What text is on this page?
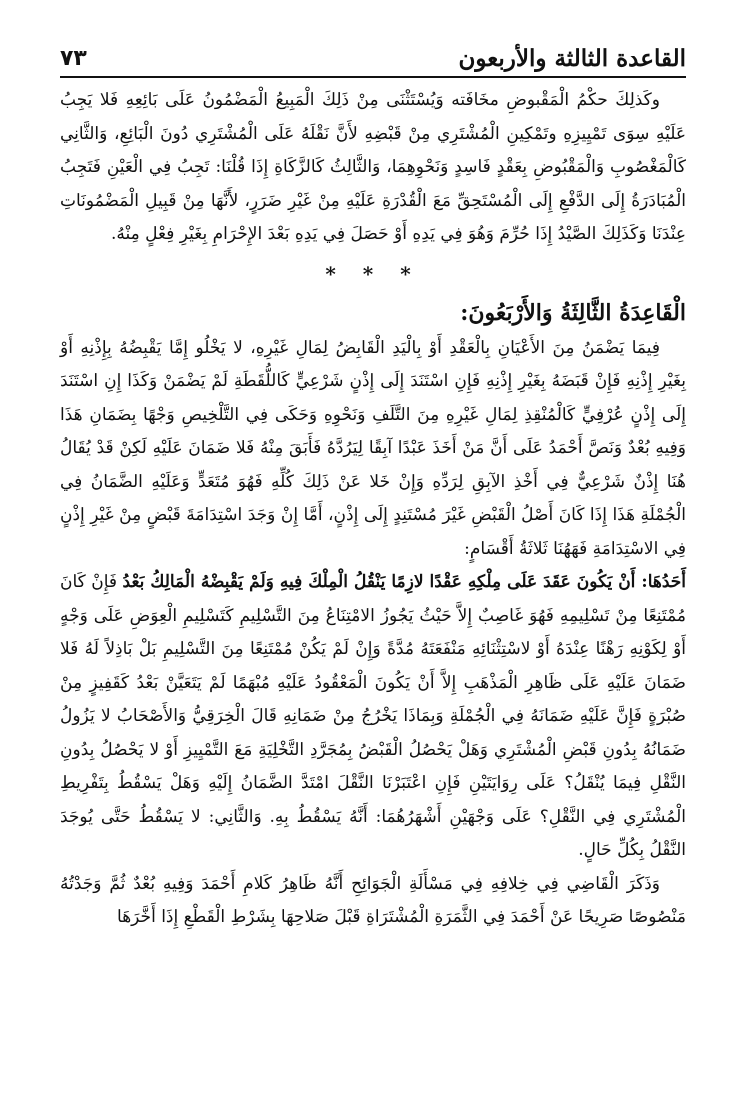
القاعدة الثالثة والأربعون
٧٣

وكَذلِكَ حكْمُ الْمَقْبوضِ مخَافَته وَيُسْتَثْنَى مِنْ ذَلِكَ الْمَبِيعُ الْمَضْمُونُ عَلَى بَائِعِهِ فَلا يَجِبُ عَلَيْهِ سِوَى تَمْيِيزِهِ وتَمْكِينِ الْمُشْتَرِي مِنْ قَبْضِهِ لأَنَّ نَقْلَهُ عَلَى الْمُشْتَرِي دُونَ الْبَائِعِ، وَالثَّانِي كَالْمَغْصُوبِ وَالْمَقْبُوضِ بِعَقْدٍ فَاسِدٍ وَنَحْوِهِمَا، وَالثَّالِثُ كَالزَّكَاةِ إِذَا قُلْنَا: تَجِبُ فِي الْعَيْنِ فَتَجِبُ الْمُبَادَرَةُ إِلَى الدَّفْعِ إِلَى الْمُسْتَحِقِّ مَعَ الْقُدْرَةِ عَلَيْهِ مِنْ غَيْرِ ضَرَرٍ، لأَنَّهَا مِنْ قَبِيلِ الْمَضْمُونَاتِ عِنْدَنَا وَكَذَلِكَ الصَّيْدُ إِذَا حُرِّمَ وَهُوَ فِي يَدِهِ أَوْ حَصَلَ فِي يَدِهِ بَعْدَ الإِحْرَامِ بِغَيْرِ فِعْلٍ مِنْهُ.

* * *
الْقَاعِدَةُ الثَّالِثَةُ وَالأَرْبَعُونَ:

فِيمَا يَضْمَنُ مِنَ الأَعْيَانِ بِالْعَقْدِ أَوْ بِالْيَدِ الْقَابِضُ لِمَالِ غَيْرِهِ، لا يَخْلُو إِمَّا يَقْبِضُهُ بِإِذْنِهِ أَوْ بِغَيْرِ إِذْنِهِ فَإِنْ قَبَضَهُ بِغَيْرِ إِذْنِهِ فَإِنِ اسْتَنَدَ إِلَى إِذْنٍ شَرْعِيٍّ كَاللُّقَطَةِ لَمْ يَضْمَنْ وَكَذَا إِنِ اسْتَنَدَ إِلَى إِذْنٍ عُرْفِيٍّ كَالْمُنْقِذِ لِمَالِ غَيْرِهِ مِنَ التَّلَفِ وَنَحْوِهِ وَحَكَى فِي التَّلْخِيصِ وَجْهًا بِضَمَانِ هَذَا وَفِيهِ بُعْدٌ وَنَصَّ أَحْمَدُ عَلَى أَنَّ مَنْ أَخَذَ عَبْدًا آبِقًا لِيَرُدَّهُ فَأَبَقَ مِنْهُ فَلا ضَمَانَ عَلَيْهِ لَكِنْ قَدْ يُقَالُ هُنَا إِذْنٌ شَرْعِيٌّ فِي أَخْذِ الآبِقِ لِرَدِّهِ وَإِنْ خَلا عَنْ ذَلِكَ كُلِّهِ فَهُوَ مُتَعَدٍّ وَعَلَيْهِ الضَّمَانُ فِي الْجُمْلَةِ هَذَا إِذَا كَانَ أَصْلُ الْقَبْضِ غَيْرَ مُسْتَنِدٍ إِلَى إِذْنٍ، أَمَّا إِنْ وَجَدَ اسْتِدَامَةَ قَبْضٍ مِنْ غَيْرِ إِذْنٍ فِي الاسْتِدَامَةِ فَهَهُنَا ثَلاثَةُ أَقْسَامٍ:

أَحَدُهَا: أَنْ يَكُونَ عَقَدَ عَلَى مِلْكِهِ عَقْدًا لازِمًا يَنْقُلُ الْمِلْكَ فِيهِ وَلَمْ يَقْبِضْهُ الْمَالِكُ بَعْدُ فَإِنْ كَانَ مُمْتَنِعًا مِنْ تَسْلِيمِهِ فَهُوَ غَاصِبٌ إِلاَّ حَيْثُ يَجُوزُ الامْتِنَاعُ مِنَ التَّسْلِيمِ كَتَسْلِيمِ الْعِوَضِ عَلَى وَجْهٍ أَوْ لِكَوْنِهِ رَهْنًا عِنْدَهُ أَوْ لاسْتِثْنَائِهِ مَنْفَعَتَهُ مُدَّةً وَإِنْ لَمْ يَكُنْ مُمْتَنِعًا مِنَ التَّسْلِيمِ بَلْ بَاذِلاً لَهُ فَلا ضَمَانَ عَلَيْهِ عَلَى ظَاهِرِ الْمَذْهَبِ إِلاَّ أَنْ يَكُونَ الْمَعْقُودُ عَلَيْهِ مُبْهَمًا لَمْ يَتَعَيَّنْ بَعْدُ كَقَفِيزٍ مِنْ صُبْرَةٍ فَإِنَّ عَلَيْهِ ضَمَانَهُ فِي الْجُمْلَةِ وَبِمَاذَا يَخْرُجُ مِنْ ضَمَانِهِ قَالَ الْخِرَقِيُّ وَالأَصْحَابُ لا يَزُولُ ضَمَانُهُ بِدُونِ قَبْضِ الْمُشْتَرِي وَهَلْ يَحْصُلُ الْقَبْضُ بِمُجَرَّدِ التَّخْلِيَةِ مَعَ التَّمْيِيزِ أَوْ لا يَحْصُلُ بِدُونِ النَّقْلِ فِيمَا يُنْقَلُ؟ عَلَى رِوَايَتَيْنِ فَإِنِ اعْتَبَرْنَا النَّقْلَ امْتَدَّ الضَّمَانُ إِلَيْهِ وَهَلْ يَسْقُطُ بِتَفْرِيطِ الْمُشْتَرِي فِي النَّقْلِ؟ عَلَى وَجْهَيْنِ أَشْهَرُهُمَا: أَنَّهُ يَسْقُطُ بِهِ. وَالثَّانِي: لا يَسْقُطُ حَتَّى يُوجَدَ النَّقْلُ بِكُلِّ حَالٍ.

وَذَكَرَ الْقَاضِي فِي خِلافِهِ فِي مَسْأَلَةِ الْجَوَائِحِ أَنَّهُ ظَاهِرُ كَلامِ أَحْمَدَ وَفِيهِ بُعْدٌ ثُمَّ وَجَدْتُهُ مَنْصُوصًا صَرِيحًا عَنْ أَحْمَدَ فِي الثَّمَرَةِ الْمُشْتَرَاةِ قَبْلَ صَلاحِهَا بِشَرْطِ الْقَطْعِ إِذَا أَخَّرَهَا
